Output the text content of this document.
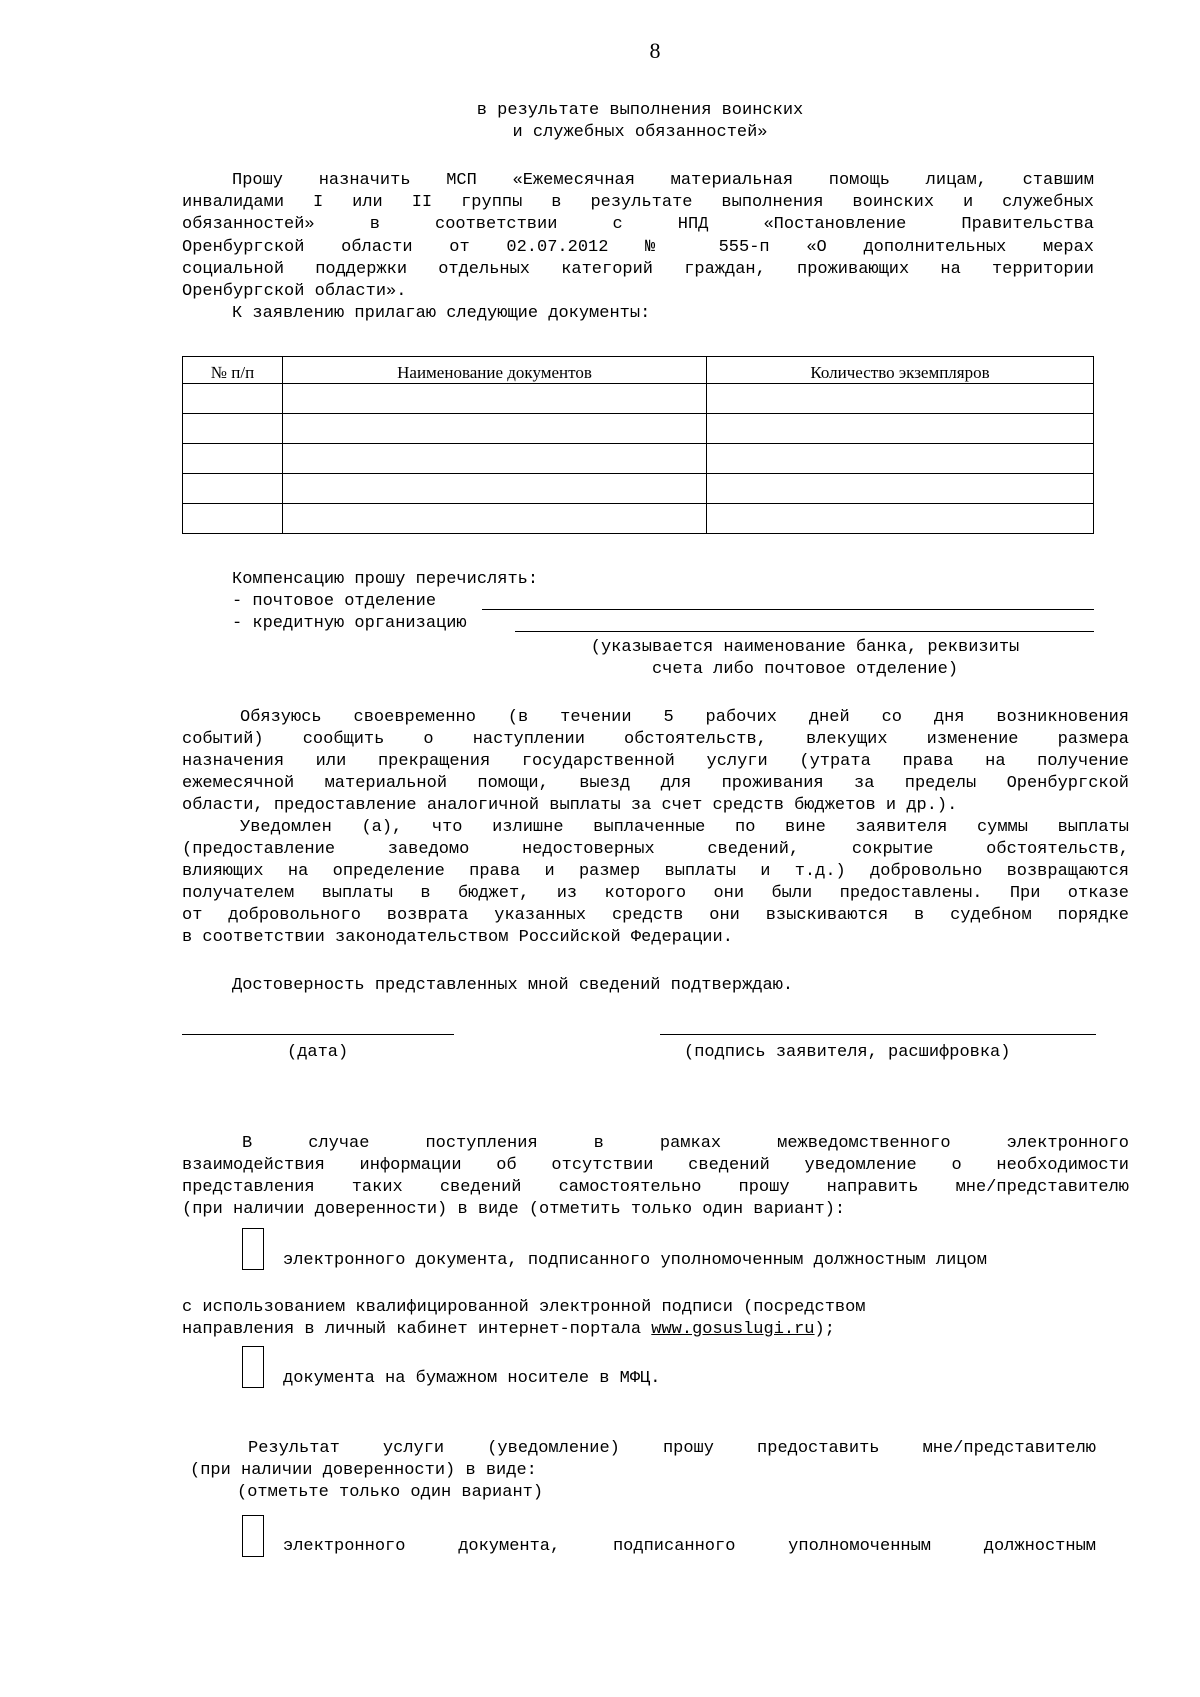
8
в результате выполнения воинских
и служебных обязанностей»
Прошу назначить МСП «Ежемесячная материальная помощь лицам, ставшим
инвалидами I или II группы в результате выполнения воинских и служебных
обязанностей» в соответствии с НПД «Постановление Правительства
Оренбургской области от 02.07.2012 № 555-п «О дополнительных мерах
социальной поддержки отдельных категорий граждан, проживающих на территории
Оренбургской области».
К заявлению прилагаю следующие документы:
№ п/п	Наименование документов	Количество экземпляров

Компенсацию прошу перечислять:
- почтовое отделение
- кредитную организацию
(указывается наименование банка, реквизиты
счета либо почтовое отделение)
Обязуюсь своевременно (в течении 5 рабочих дней со дня возникновения
событий) сообщить о наступлении обстоятельств, влекущих изменение размера
назначения или прекращения государственной услуги (утрата права на получение
ежемесячной материальной помощи, выезд для проживания за пределы Оренбургской
области, предоставление аналогичной выплаты за счет средств бюджетов и др.).
Уведомлен (а), что излишне выплаченные по вине заявителя суммы выплаты
(предоставление заведомо недостоверных сведений, сокрытие обстоятельств,
влияющих на определение права и размер выплаты и т.д.) добровольно возвращаются
получателем выплаты в бюджет, из которого они были предоставлены. При отказе
от добровольного возврата указанных средств они взыскиваются в судебном порядке
в соответствии законодательством Российской Федерации.
Достоверность представленных мной сведений подтверждаю.
(дата)	(подпись заявителя, расшифровка)
В случае поступления в рамках межведомственного электронного
взаимодействия информации об отсутствии сведений уведомление о необходимости
представления таких сведений самостоятельно прошу направить мне/представителю
(при наличии доверенности) в виде (отметить только один вариант):
электронного документа, подписанного уполномоченным должностным лицом
с использованием квалифицированной электронной подписи (посредством
направления в личный кабинет интернет-портала www.gosuslugi.ru);
документа на бумажном носителе в МФЦ.
Результат услуги (уведомление) прошу предоставить мне/представителю
(при наличии доверенности) в виде:
(отметьте только один вариант)
электронного документа, подписанного уполномоченным должностным
